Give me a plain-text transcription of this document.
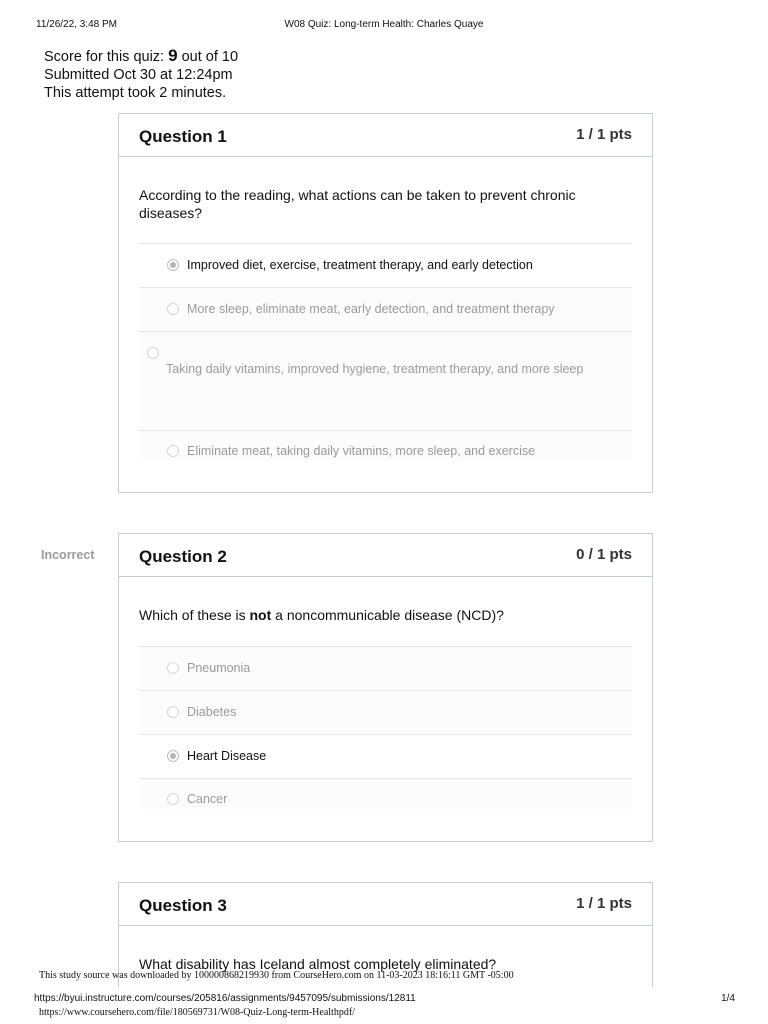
11/26/22, 3:48 PM	W08 Quiz: Long-term Health: Charles Quaye
Score for this quiz: 9 out of 10
Submitted Oct 30 at 12:24pm
This attempt took 2 minutes.
Question 1	1 / 1 pts
According to the reading, what actions can be taken to prevent chronic diseases?
Improved diet, exercise, treatment therapy, and early detection
More sleep, eliminate meat, early detection, and treatment therapy
Taking daily vitamins, improved hygiene, treatment therapy, and more sleep
Eliminate meat, taking daily vitamins, more sleep, and exercise
Incorrect	Question 2	0 / 1 pts
Which of these is not a noncommunicable disease (NCD)?
Pneumonia
Diabetes
Heart Disease
Cancer
Question 3	1 / 1 pts
What disability has Iceland almost completely eliminated?
This study source was downloaded by 100000868219930 from CourseHero.com on 11-03-2023 18:16:11 GMT -05:00
https://byui.instructure.com/courses/205816/assignments/9457095/submissions/12811	1/4
https://www.coursehero.com/file/180569731/W08-Quiz-Long-term-Healthpdf/
